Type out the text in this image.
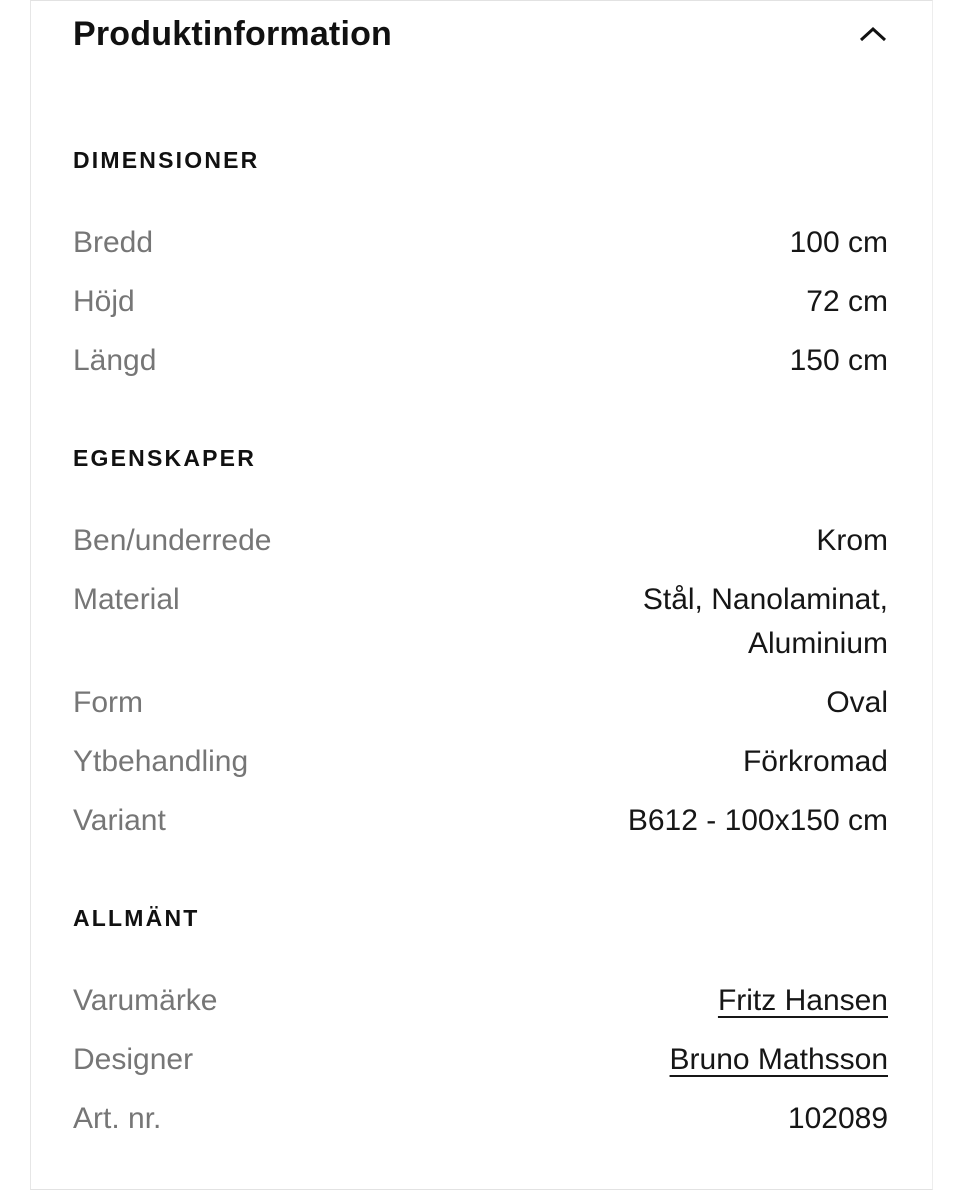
Produktinformation
DIMENSIONER
Bredd	100 cm
Höjd	72 cm
Längd	150 cm
EGENSKAPER
Ben/underrede	Krom
Material	Stål, Nanolaminat, Aluminium
Form	Oval
Ytbehandling	Förkromad
Variant	B612 - 100x150 cm
ALLMÄNT
Varumärke	Fritz Hansen
Designer	Bruno Mathsson
Art. nr.	102089
